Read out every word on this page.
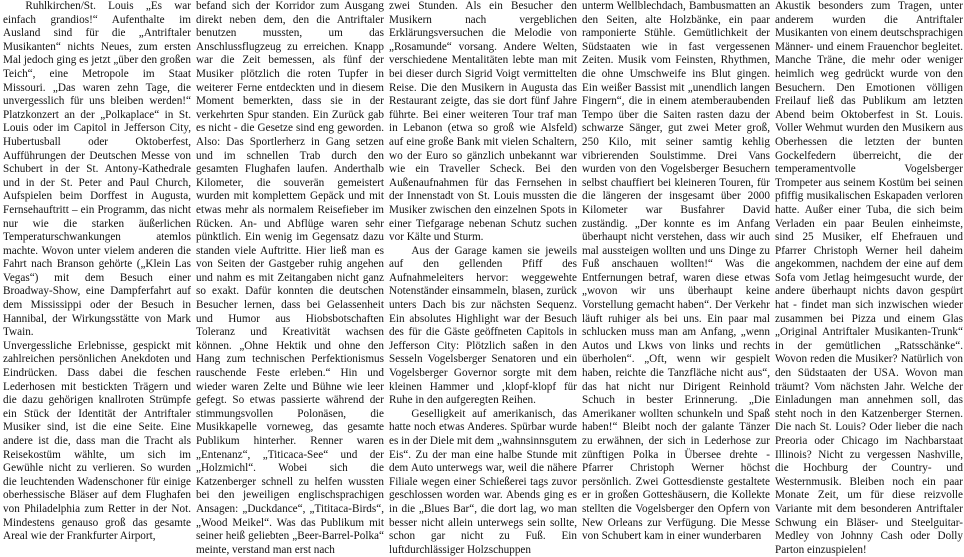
Ruhlkirchen/St. Louis „Es war einfach grandios!“ Aufenthalte im Ausland sind für die „Antriftaler Musikanten“ nichts Neues, zum ersten Mal jedoch ging es jetzt „über den großen Teich“, eine Metropole im Staat Missouri. „Das waren zehn Tage, die unvergesslich für uns bleiben werden!“ Platzkonzert an der „Polkaplace“ in St. Louis oder im Capitol in Jefferson City, Hubertusball oder Oktoberfest, Aufführungen der Deutschen Messe von Schubert in der St. Antony-Kathedrale und in der St. Peter and Paul Church, Aufspielen beim Dorffest in Augusta, Fernsehauftritt – ein Programm, das nicht nur wie die starken äußerlichen Temperaturschwankungen atemlos machte. Wovon unter vielem anderen die Fahrt nach Branson gehörte („Klein Las Vegas“) mit dem Besuch einer Broadway-Show, eine Dampferfahrt auf dem Mississippi oder der Besuch in Hannibal, der Wirkungsstätte von Mark Twain.

Unvergessliche Erlebnisse, gespickt mit zahlreichen persönlichen Anekdoten und Eindrücken. Dass dabei die feschen Lederhosen mit bestickten Trägern und die dazu gehörigen knallroten Strümpfe ein Stück der Identität der Antriftaler Musiker sind, ist die eine Seite. Eine andere ist die, dass man die Tracht als Reisekostüm wählte, um sich im Gewühle nicht zu verlieren. So wurden die leuchtenden Wadenschoner für einige oberhessische Bläser auf dem Flughafen von Philadelphia zum Retter in der Not. Mindestens genauso groß das gesamte Areal wie der Frankfurter Airport,

befand sich der Korridor zum Ausgang direkt neben dem, den die Antriftaler benutzen mussten, um das Anschlussflugzeug zu erreichen. Knapp war die Zeit bemessen, als fünf der Musiker plötzlich die roten Tupfer in weiterer Ferne entdeckten und in diesem Moment bemerkten, dass sie in der verkehrten Spur standen. Ein Zurück gab es nicht - die Gesetze sind eng geworden. Also: Das Sportlerherz in Gang setzen und im schnellen Trab durch den gesamten Flughafen laufen. Anderthalb Kilometer, die souverän gemeistert wurden mit komplettem Gepäck und mit etwas mehr als normalem Reisefieber im Rücken. An- und Abflüge waren sehr pünktlich. Ein wenig im Gegensatz dazu standen viele Auftritte. Hier ließ man es von Seiten der Gastgeber ruhig angehen und nahm es mit Zeitangaben nicht ganz so exakt. Dafür konnten die deutschen Besucher lernen, dass bei Gelassenheit und Humor aus Hiobsbotschaften Toleranz und Kreativität wachsen können. „Ohne Hektik und ohne den Hang zum technischen Perfektionismus rauschende Feste erleben.“ Hin und wieder waren Zelte und Bühne wie leer gefegt. So etwas passierte während der stimmungsvollen Polonäsen, die Musikkapelle vorneweg, das gesamte Publikum hinterher. Renner waren „Entenanz“, „Titicaca-See“ und der „Holzmichl“. Wobei sich die Katzenberger schnell zu helfen wussten bei den jeweiligen englischsprachigen Ansagen: „Duckdance“, „Tititaca-Birds“, „Wood Meikel“. Was das Publikum mit seiner heiß geliebten „Beer-Barrel-Polka“ meinte, verstand man erst nach

zwei Stunden. Als ein Besucher den Musikern nach vergeblichen Erklärungsversuchen die Melodie von „Rosamunde“ vorsang. Andere Welten, verschiedene Mentalitäten lebte man mit bei dieser durch Sigrid Voigt vermittelten Reise. Die den Musikern in Augusta das Restaurant zeigte, das sie dort fünf Jahre führte. Bei einer weiteren Tour traf man in Lebanon (etwa so groß wie Alsfeld) auf eine große Bank mit vielen Schaltern, wo der Euro so gänzlich unbekannt war wie ein Traveller Scheck. Bei den Außenaufnahmen für das Fernsehen in der Innenstadt von St. Louis mussten die Musiker zwischen den einzelnen Spots in einer Tiefgarage nebenan Schutz suchen vor Kälte und Sturm.

Aus der Garage kamen sie jeweils auf den gellenden Pfiff des Aufnahmeleiters hervor: weggewehte Notenständer einsammeln, blasen, zurück unters Dach bis zur nächsten Sequenz. Ein absolutes Highlight war der Besuch des für die Gäste geöffneten Capitols in Jefferson City: Plötzlich saßen in den Sesseln Vogelsberger Senatoren und ein Vogelsberger Governor sorgte mit dem kleinen Hammer und ‚klopf-klopf für Ruhe in den aufgeregten Reihen.

Geselligkeit auf amerikanisch, das hatte noch etwas Anderes. Spürbar wurde es in der Diele mit dem „wahnsinnsgutem Eis“. Zu der man eine halbe Stunde mit dem Auto unterwegs war, weil die nähere Filiale wegen einer Schießerei tags zuvor geschlossen worden war. Abends ging es in die „Blues Bar“, die dort lag, wo man besser nicht allein unterwegs sein sollte, schon gar nicht zu Fuß. Ein luftdurchlässiger Holzschuppen

unterm Wellblechdach, Bambusmatten an den Seiten, alte Holzbänke, ein paar ramponierte Stühle. Gemütlichkeit der Südstaaten wie in fast vergessenen Zeiten. Musik vom Feinsten, Rhythmen, die ohne Umschweife ins Blut gingen. Ein weißer Bassist mit „unendlich langen Fingern“, die in einem atemberaubenden Tempo über die Saiten rasten dazu der schwarze Sänger, gut zwei Meter groß, 250 Kilo, mit seiner samtig kehlig vibrierenden Soulstimme. Drei Vans wurden von den Vogelsberger Besuchern selbst chauffiert bei kleineren Touren, für die längeren der insgesamt über 2000 Kilometer war Busfahrer David zuständig. „Der konnte es im Anfang überhaupt nicht verstehen, dass wir auch mal aussteigen wollten und uns Dinge zu Fuß anschauen wollten!“ Was die Entfernungen betraf, waren diese etwas „wovon wir uns überhaupt keine Vorstellung gemacht haben“. Der Verkehr läuft ruhiger als bei uns. Ein paar mal schlucken muss man am Anfang, „wenn Autos und Lkws von links und rechts überholen“. „Oft, wenn wir gespielt haben, reichte die Tanzfläche nicht aus“, das hat nicht nur Dirigent Reinhold Schuch in bester Erinnerung. „Die Amerikaner wollten schunkeln und Spaß haben!“ Bleibt noch der galante Tänzer zu erwähnen, der sich in Lederhose zur zünftigen Polka in Übersee drehte - Pfarrer Christoph Werner höchst persönlich. Zwei Gottesdienste gestaltete er in großen Gotteshäusern, die Kollekte stellten die Vogelsberger den Opfern von New Orleans zur Verfügung. Die Messe von Schubert kam in einer wunderbaren

Akustik besonders zum Tragen, unter anderem wurden die Antriftaler Musikanten von einem deutschsprachigen Männer- und einem Frauenchor begleitet. Manche Träne, die mehr oder weniger heimlich weg gedrückt wurde von den Besuchern. Den Emotionen völligen Freilauf ließ das Publikum am letzten Abend beim Oktoberfest in St. Louis. Voller Wehmut wurden den Musikern aus Oberhessen die letzten der bunten Gockelfedern überreicht, die der temperamentvolle Vogelsberger Trompeter aus seinem Kostüm bei seinen pfiffig musikalischen Eskapaden verloren hatte. Außer einer Tuba, die sich beim Verladen ein paar Beulen einheimste, sind 25 Musiker, elf Ehefrauen und Pfarrer Christoph Werner heil daheim angekommen, nachdem der eine auf dem Sofa vom Jetlag heimgesucht wurde, der andere überhaupt nichts davon gespürt hat - findet man sich inzwischen wieder zusammen bei Pizza und einem Glas „Original Antriftaler Musikanten-Trunk“ in der gemütlichen „Ratsschänke“. Wovon reden die Musiker? Natürlich von den Südstaaten der USA. Wovon man träumt? Vom nächsten Jahr. Welche der Einladungen man annehmen soll, das steht noch in den Katzenberger Sternen. Die nach St. Louis? Oder lieber die nach Preoria oder Chicago im Nachbarstaat Illinois? Nicht zu vergessen Nashville, die Hochburg der Country- und Westernmusik. Bleiben noch ein paar Monate Zeit, um für diese reizvolle Variante mit dem besonderen Antriftaler Schwung ein Bläser- und Steelguitar-Medley von Johnny Cash oder Dolly Parton einzuspielen!
